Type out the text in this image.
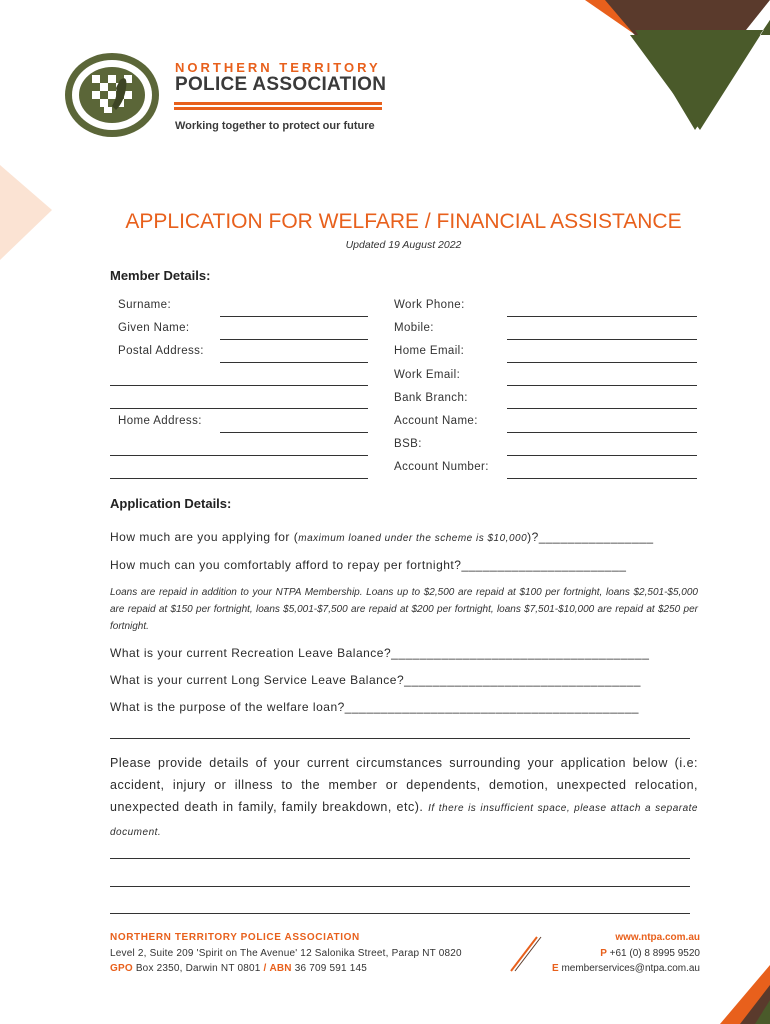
NORTHERN TERRITORY
POLICE ASSOCIATION
Working together to protect our future
APPLICATION FOR WELFARE / FINANCIAL ASSISTANCE
Updated 19 August 2022
Member Details:
Surname:
Given Name:
Postal Address:
Home Address:
Work Phone:
Mobile:
Home Email:
Work Email:
Bank Branch:
Account Name:
BSB:
Account Number:
Application Details:
How much are you applying for (maximum loaned under the scheme is $10,000)?________________
How much can you comfortably afford to repay per fortnight?_______________________
Loans are repaid in addition to your NTPA Membership. Loans up to $2,500 are repaid at $100 per fortnight, loans $2,501-$5,000 are repaid at $150 per fortnight, loans $5,001-$7,500 are repaid at $200 per fortnight, loans $7,501-$10,000 are repaid at $250 per fortnight.
What is your current Recreation Leave Balance?____________________________________
What is your current Long Service Leave Balance?_________________________________
What is the purpose of the welfare loan?_________________________________________
Please provide details of your current circumstances surrounding your application below (i.e: accident, injury or illness to the member or dependents, demotion, unexpected relocation, unexpected death in family, family breakdown, etc). If there is insufficient space, please attach a separate document.
NORTHERN TERRITORY POLICE ASSOCIATION
Level 2, Suite 209 'Spirit on The Avenue' 12 Salonika Street, Parap NT 0820
GPO Box 2350, Darwin NT 0801 / ABN 36 709 591 145
www.ntpa.com.au
P +61 (0) 8 8995 9520
E memberservices@ntpa.com.au
